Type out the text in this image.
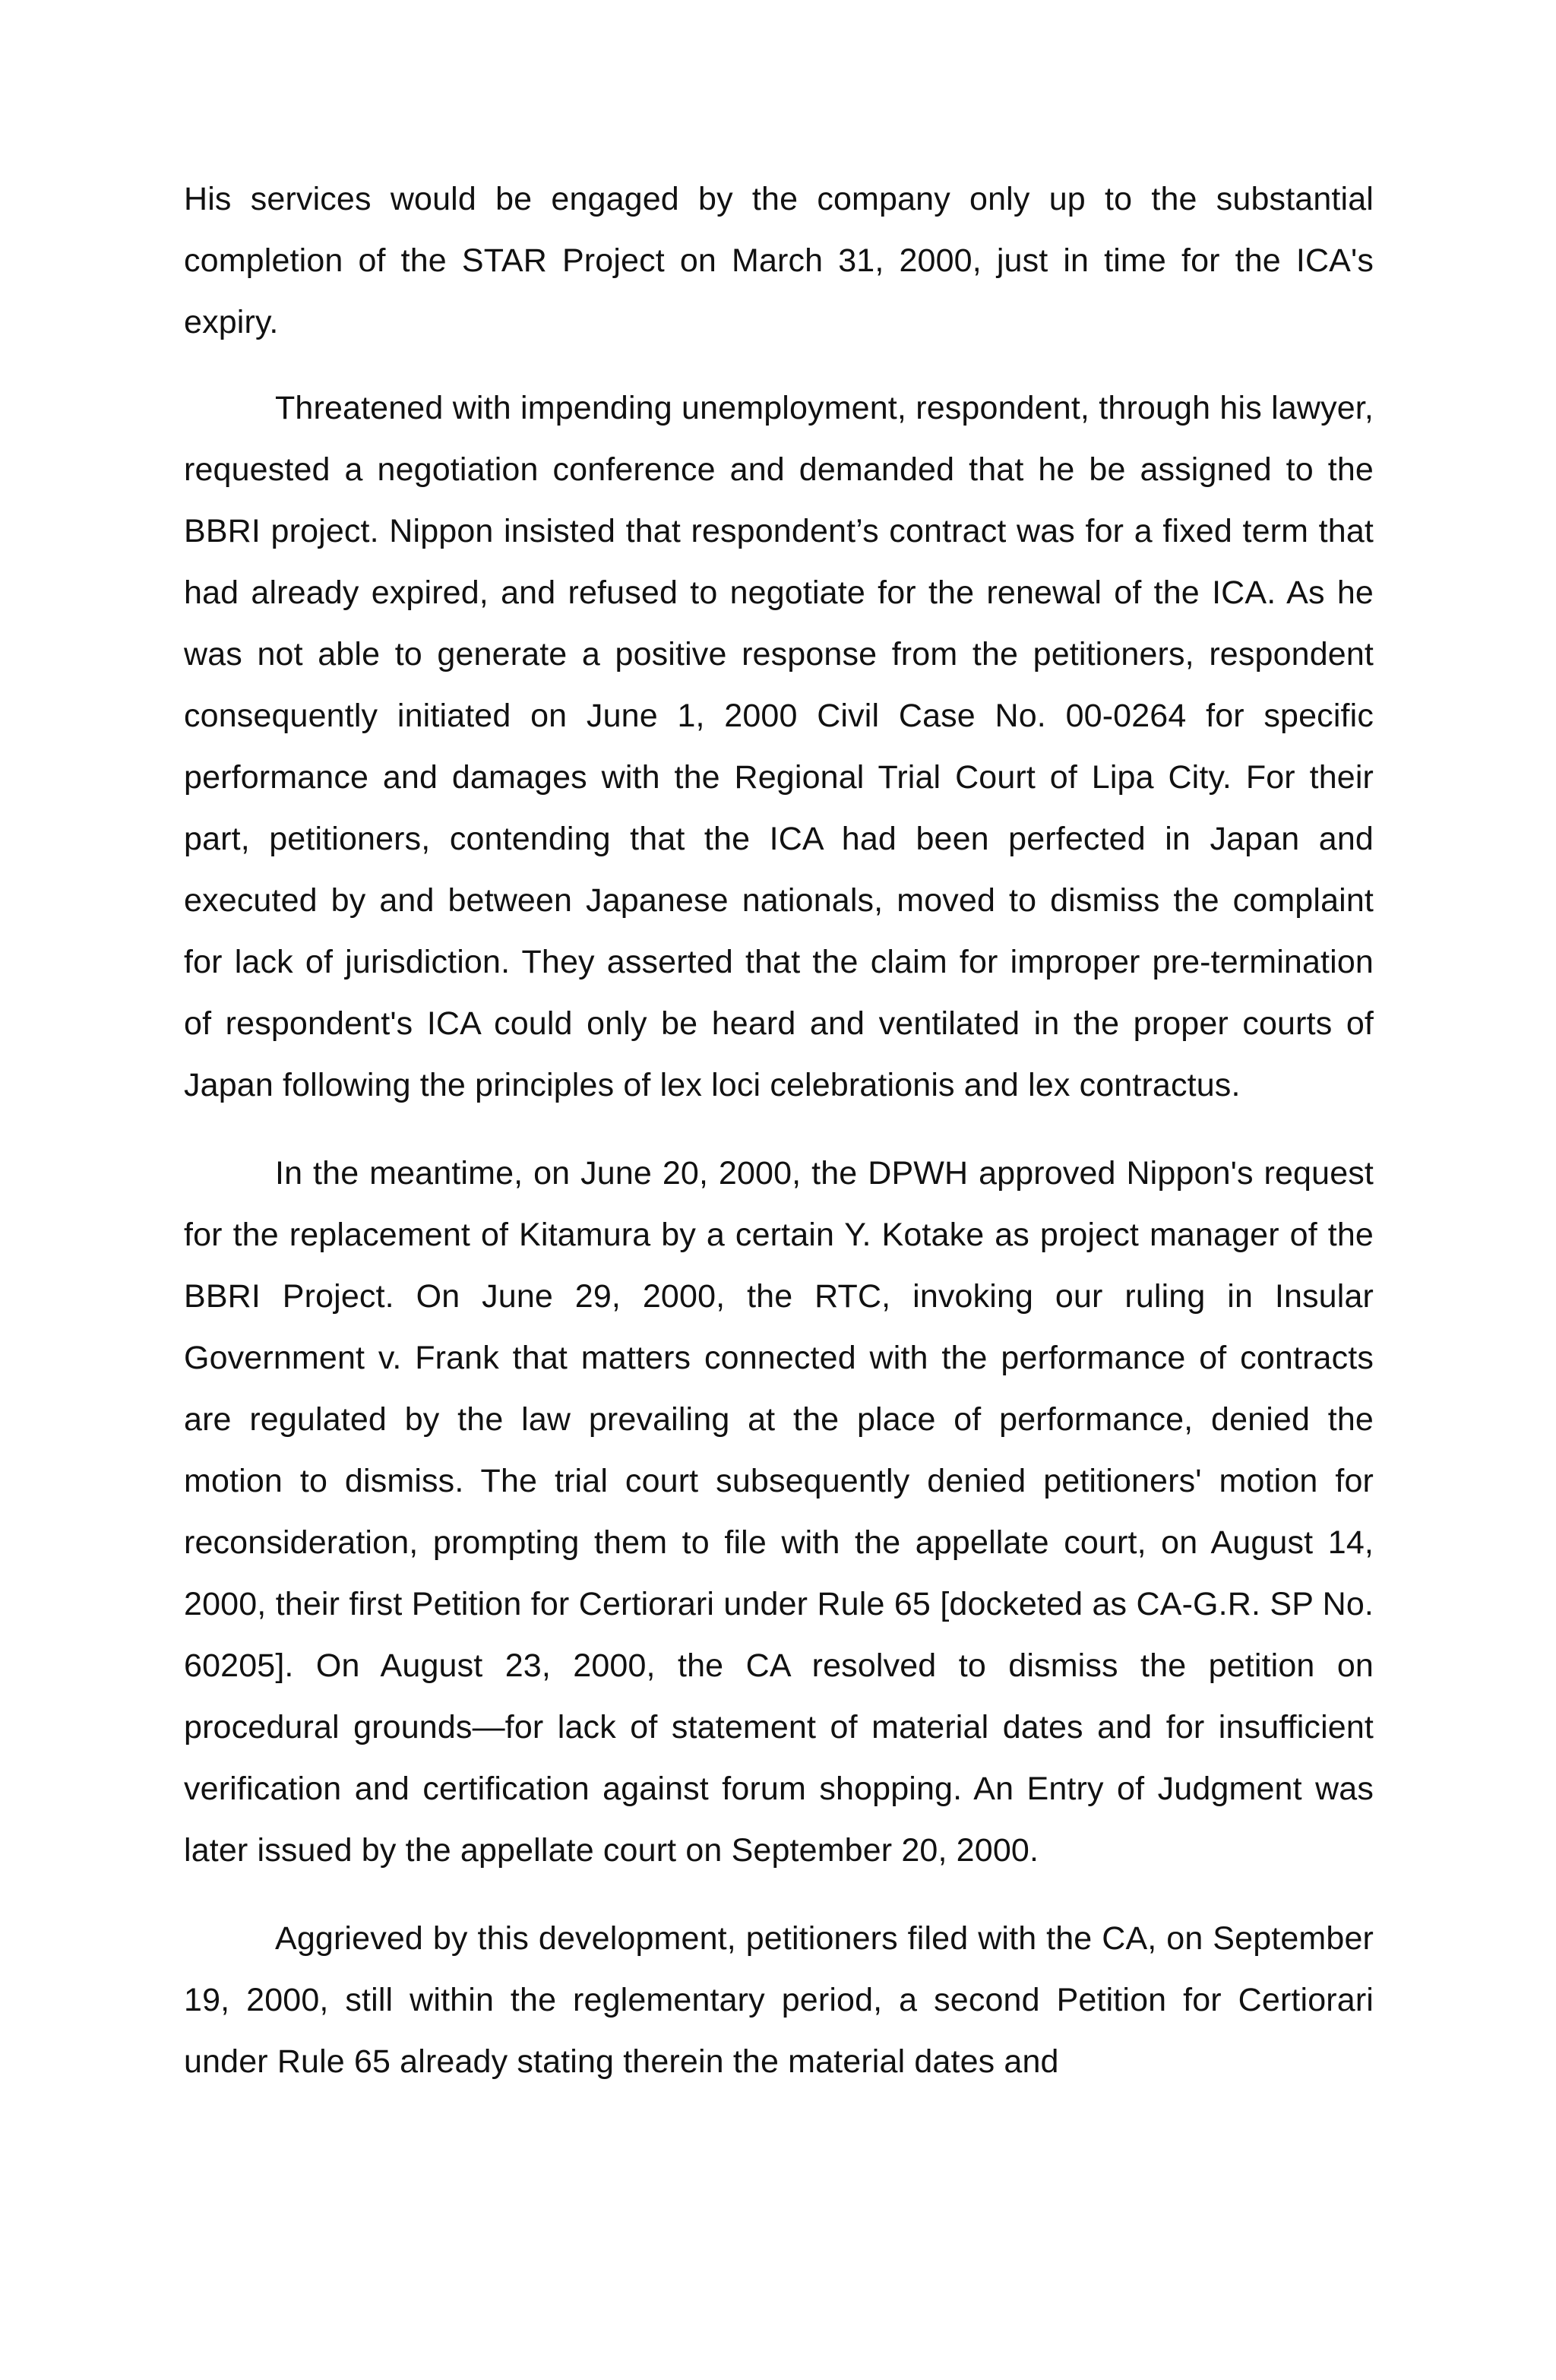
His services would be engaged by the company only up to the substantial completion of the STAR Project on March 31, 2000, just in time for the ICA's expiry.

Threatened with impending unemployment, respondent, through his lawyer, requested a negotiation conference and demanded that he be assigned to the BBRI project. Nippon insisted that respondent’s contract was for a fixed term that had already expired, and refused to negotiate for the renewal of the ICA. As he was not able to generate a positive response from the petitioners, respondent consequently initiated on June 1, 2000 Civil Case No. 00-0264 for specific performance and damages with the Regional Trial Court of Lipa City. For their part, petitioners, contending that the ICA had been perfected in Japan and executed by and between Japanese nationals, moved to dismiss the complaint for lack of jurisdiction. They asserted that the claim for improper pre-termination of respondent's ICA could only be heard and ventilated in the proper courts of Japan following the principles of lex loci celebrationis and lex contractus.

In the meantime, on June 20, 2000, the DPWH approved Nippon's request for the replacement of Kitamura by a certain Y. Kotake as project manager of the BBRI Project. On June 29, 2000, the RTC, invoking our ruling in Insular Government v. Frank that matters connected with the performance of contracts are regulated by the law prevailing at the place of performance, denied the motion to dismiss. The trial court subsequently denied petitioners' motion for reconsideration, prompting them to file with the appellate court, on August 14, 2000, their first Petition for Certiorari under Rule 65 [docketed as CA-G.R. SP No. 60205]. On August 23, 2000, the CA resolved to dismiss the petition on procedural grounds—for lack of statement of material dates and for insufficient verification and certification against forum shopping. An Entry of Judgment was later issued by the appellate court on September 20, 2000.

Aggrieved by this development, petitioners filed with the CA, on September 19, 2000, still within the reglementary period, a second Petition for Certiorari under Rule 65 already stating therein the material dates and
